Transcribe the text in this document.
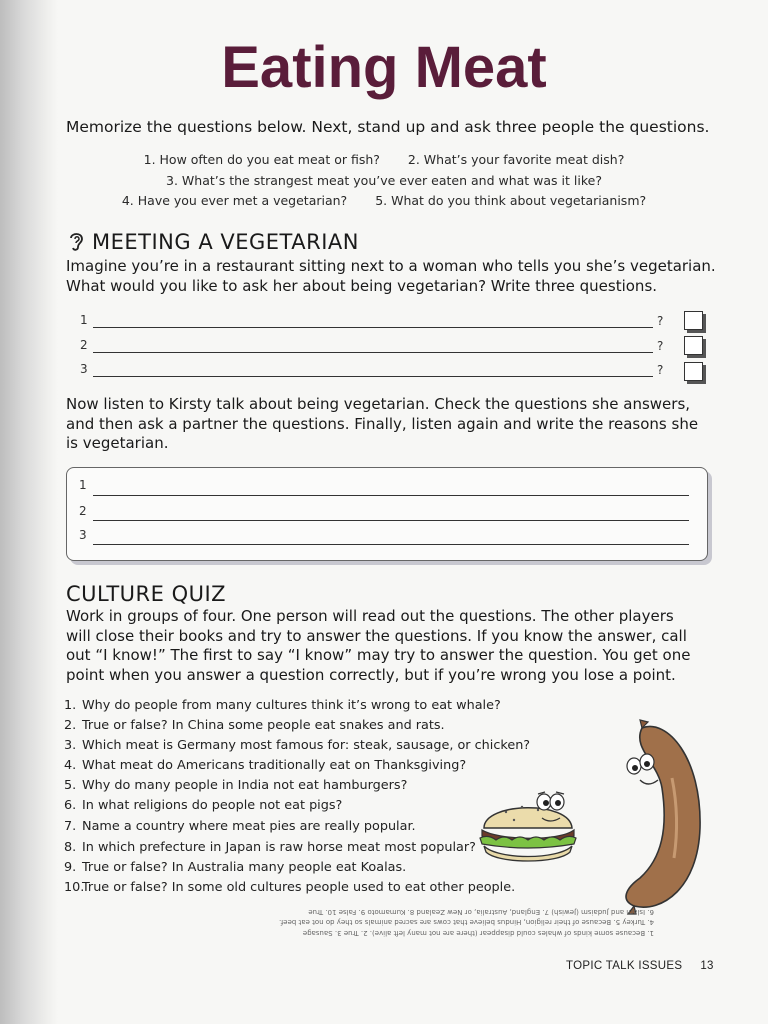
Eating Meat
Memorize the questions below. Next, stand up and ask three people the questions.
1. How often do you eat meat or fish? 2. What’s your favorite meat dish?
3. What’s the strangest meat you’ve ever eaten and what was it like?
4. Have you ever met a vegetarian? 5. What do you think about vegetarianism?
MEETING A VEGETARIAN
Imagine you’re in a restaurant sitting next to a woman who tells you she’s vegetarian.
What would you like to ask her about being vegetarian? Write three questions.
1	?
2	?
3	?
Now listen to Kirsty talk about being vegetarian. Check the questions she answers,
and then ask a partner the questions. Finally, listen again and write the reasons she
is vegetarian.
1
2
3
CULTURE QUIZ
Work in groups of four. One person will read out the questions. The other players
will close their books and try to answer the questions. If you know the answer, call
out “I know!” The first to say “I know” may try to answer the question. You get one
point when you answer a question correctly, but if you’re wrong you lose a point.
1. Why do people from many cultures think it’s wrong to eat whale?
2. True or false? In China some people eat snakes and rats.
3. Which meat is Germany most famous for: steak, sausage, or chicken?
4. What meat do Americans traditionally eat on Thanksgiving?
5. Why do many people in India not eat hamburgers?
6. In what religions do people not eat pigs?
7. Name a country where meat pies are really popular.
8. In which prefecture in Japan is raw horse meat most popular?
9. True or false? In Australia many people eat Koalas.
10.True or false? In some old cultures people used to eat other people.
1. Because some kinds of whales could disappear (there are not many left alive). 2. True 3. Sausage
4. Turkey 5. Because of their religion, Hindus believe that cows are sacred animals so they do not eat beef.
6. Islam and Judaism (Jewish) 7. England, Australia, or New Zealand 8. Kumamoto 9. False 10. True
TOPIC TALK ISSUES 13
